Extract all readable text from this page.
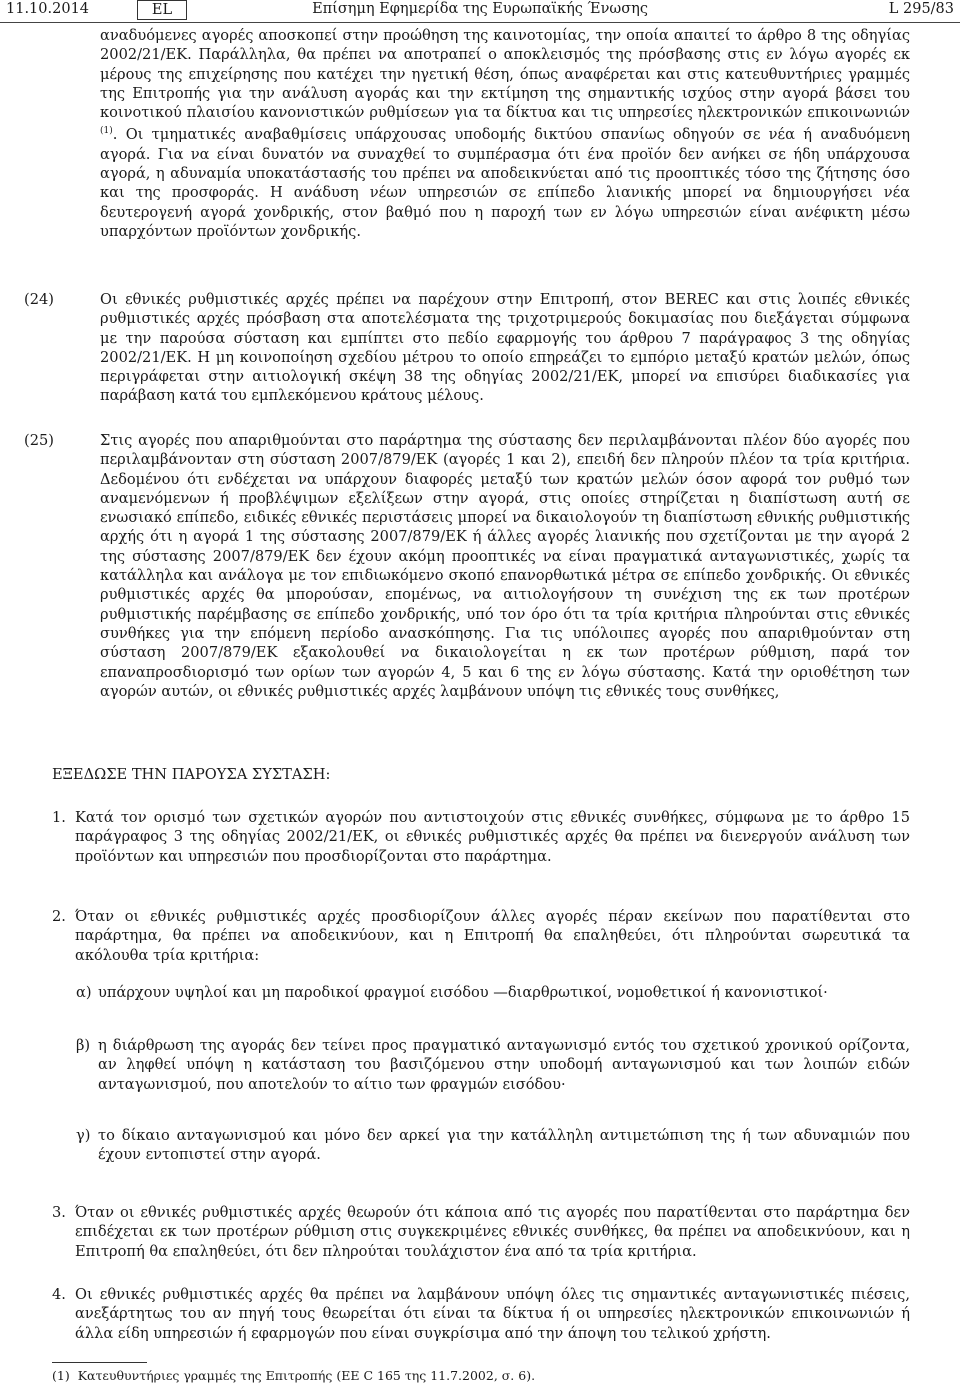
11.10.2014	EL	Επίσημη Εφημερίδα της Ευρωπαϊκής Ένωσης	L 295/83

αναδυόμενες αγορές αποσκοπεί στην προώθηση της καινοτομίας, την οποία απαιτεί το άρθρο 8 της οδηγίας 2002/21/ΕΚ. Παράλληλα, θα πρέπει να αποτραπεί ο αποκλεισμός της πρόσβασης στις εν λόγω αγορές εκ μέρους της επιχείρησης που κατέχει την ηγετική θέση, όπως αναφέρεται και στις κατευθυντήριες γραμμές της Επιτροπής για την ανάλυση αγοράς και την εκτίμηση της σημαντικής ισχύος στην αγορά βάσει του κοινοτικού πλαισίου κανονιστικών ρυθμίσεων για τα δίκτυα και τις υπηρεσίες ηλεκτρονικών επικοινωνιών $^{(1)}$. Οι τμηματικές αναβαθμίσεις υπάρχουσας υποδομής δικτύου σπανίως οδηγούν σε νέα ή αναδυόμενη αγορά. Για να είναι δυνατόν να συναχθεί το συμπέρασμα ότι ένα προϊόν δεν ανήκει σε ήδη υπάρχουσα αγορά, η αδυναμία υποκατάστασής του πρέπει να αποδεικνύεται από τις προοπτικές τόσο της ζήτησης όσο και της προσφοράς. Η ανάδυση νέων υπηρεσιών σε επίπεδο λιανικής μπορεί να δημιουργήσει νέα δευτερογενή αγορά χονδρικής, στον βαθμό που η παροχή των εν λόγω υπηρεσιών είναι ανέφικτη μέσω υπαρχόντων προϊόντων χονδρικής.

(24)	Οι εθνικές ρυθμιστικές αρχές πρέπει να παρέχουν στην Επιτροπή, στον BEREC και στις λοιπές εθνικές ρυθμιστικές αρχές πρόσβαση στα αποτελέσματα της τριχοτριμερούς δοκιμασίας που διεξάγεται σύμφωνα με την παρούσα σύσταση και εμπίπτει στο πεδίο εφαρμογής του άρθρου 7 παράγραφος 3 της οδηγίας 2002/21/ΕΚ. Η μη κοινοποίηση σχεδίου μέτρου το οποίο επηρεάζει το εμπόριο μεταξύ κρατών μελών, όπως περιγράφεται στην αιτιολογική σκέψη 38 της οδηγίας 2002/21/ΕΚ, μπορεί να επισύρει διαδικασίες για παράβαση κατά του εμπλεκόμενου κράτους μέλους.

(25)	Στις αγορές που απαριθμούνται στο παράρτημα της σύστασης δεν περιλαμβάνονται πλέον δύο αγορές που περιλαμβάνονταν στη σύσταση 2007/879/ΕΚ (αγορές 1 και 2), επειδή δεν πληρούν πλέον τα τρία κριτήρια. Δεδομένου ότι ενδέχεται να υπάρχουν διαφορές μεταξύ των κρατών μελών όσον αφορά τον ρυθμό των αναμενόμενων ή προβλέψιμων εξελίξεων στην αγορά, στις οποίες στηρίζεται η διαπίστωση αυτή σε ενωσιακό επίπεδο, ειδικές εθνικές περιστάσεις μπορεί να δικαιολογούν τη διαπίστωση εθνικής ρυθμιστικής αρχής ότι η αγορά 1 της σύστασης 2007/879/ΕΚ ή άλλες αγορές λιανικής που σχετίζονται με την αγορά 2 της σύστασης 2007/879/ΕΚ δεν έχουν ακόμη προοπτικές να είναι πραγματικά ανταγωνιστικές, χωρίς τα κατάλληλα και ανάλογα με τον επιδιωκόμενο σκοπό επανορθωτικά μέτρα σε επίπεδο χονδρικής. Οι εθνικές ρυθμιστικές αρχές θα μπορούσαν, επομένως, να αιτιολογήσουν τη συνέχιση της εκ των προτέρων ρυθμιστικής παρέμβασης σε επίπεδο χονδρικής, υπό τον όρο ότι τα τρία κριτήρια πληρούνται στις εθνικές συνθήκες για την επόμενη περίοδο ανασκόπησης. Για τις υπόλοιπες αγορές που απαριθμούνταν στη σύσταση 2007/879/ΕΚ εξακολουθεί να δικαιολογείται η εκ των προτέρων ρύθμιση, παρά τον επαναπροσδιορισμό των ορίων των αγορών 4, 5 και 6 της εν λόγω σύστασης. Κατά την οριοθέτηση των αγορών αυτών, οι εθνικές ρυθμιστικές αρχές λαμβάνουν υπόψη τις εθνικές τους συνθήκες,

ΕΞΕΔΩΣΕ ΤΗΝ ΠΑΡΟΥΣΑ ΣΥΣΤΑΣΗ:
1. Κατά τον ορισμό των σχετικών αγορών που αντιστοιχούν στις εθνικές συνθήκες, σύμφωνα με το άρθρο 15 παράγραφος 3 της οδηγίας 2002/21/ΕΚ, οι εθνικές ρυθμιστικές αρχές θα πρέπει να διενεργούν ανάλυση των προϊόντων και υπηρεσιών που προσδιορίζονται στο παράρτημα.

2. Όταν οι εθνικές ρυθμιστικές αρχές προσδιορίζουν άλλες αγορές πέραν εκείνων που παρατίθενται στο παράρτημα, θα πρέπει να αποδεικνύουν, και η Επιτροπή θα επαληθεύει, ότι πληρούνται σωρευτικά τα ακόλουθα τρία κριτήρια:

α) υπάρχουν υψηλοί και μη παροδικοί φραγμοί εισόδου —διαρθρωτικοί, νομοθετικοί ή κανονιστικοί·

β) η διάρθρωση της αγοράς δεν τείνει προς πραγματικό ανταγωνισμό εντός του σχετικού χρονικού ορίζοντα, αν ληφθεί υπόψη η κατάσταση του βασιζόμενου στην υποδομή ανταγωνισμού και των λοιπών ειδών ανταγωνισμού, που αποτελούν το αίτιο των φραγμών εισόδου·

γ) το δίκαιο ανταγωνισμού και μόνο δεν αρκεί για την κατάλληλη αντιμετώπιση της ή των αδυναμιών που έχουν εντοπιστεί στην αγορά.

3. Όταν οι εθνικές ρυθμιστικές αρχές θεωρούν ότι κάποια από τις αγορές που παρατίθενται στο παράρτημα δεν επιδέχεται εκ των προτέρων ρύθμιση στις συγκεκριμένες εθνικές συνθήκες, θα πρέπει να αποδεικνύουν, και η Επιτροπή θα επαληθεύει, ότι δεν πληρούται τουλάχιστον ένα από τα τρία κριτήρια.

4. Οι εθνικές ρυθμιστικές αρχές θα πρέπει να λαμβάνουν υπόψη όλες τις σημαντικές ανταγωνιστικές πιέσεις, ανεξάρτητως του αν πηγή τους θεωρείται ότι είναι τα δίκτυα ή οι υπηρεσίες ηλεκτρονικών επικοινωνιών ή άλλα είδη υπηρεσιών ή εφαρμογών που είναι συγκρίσιμα από την άποψη του τελικού χρήστη.

(1) Κατευθυντήριες γραμμές της Επιτροπής (ΕΕ C 165 της 11.7.2002, σ. 6).
